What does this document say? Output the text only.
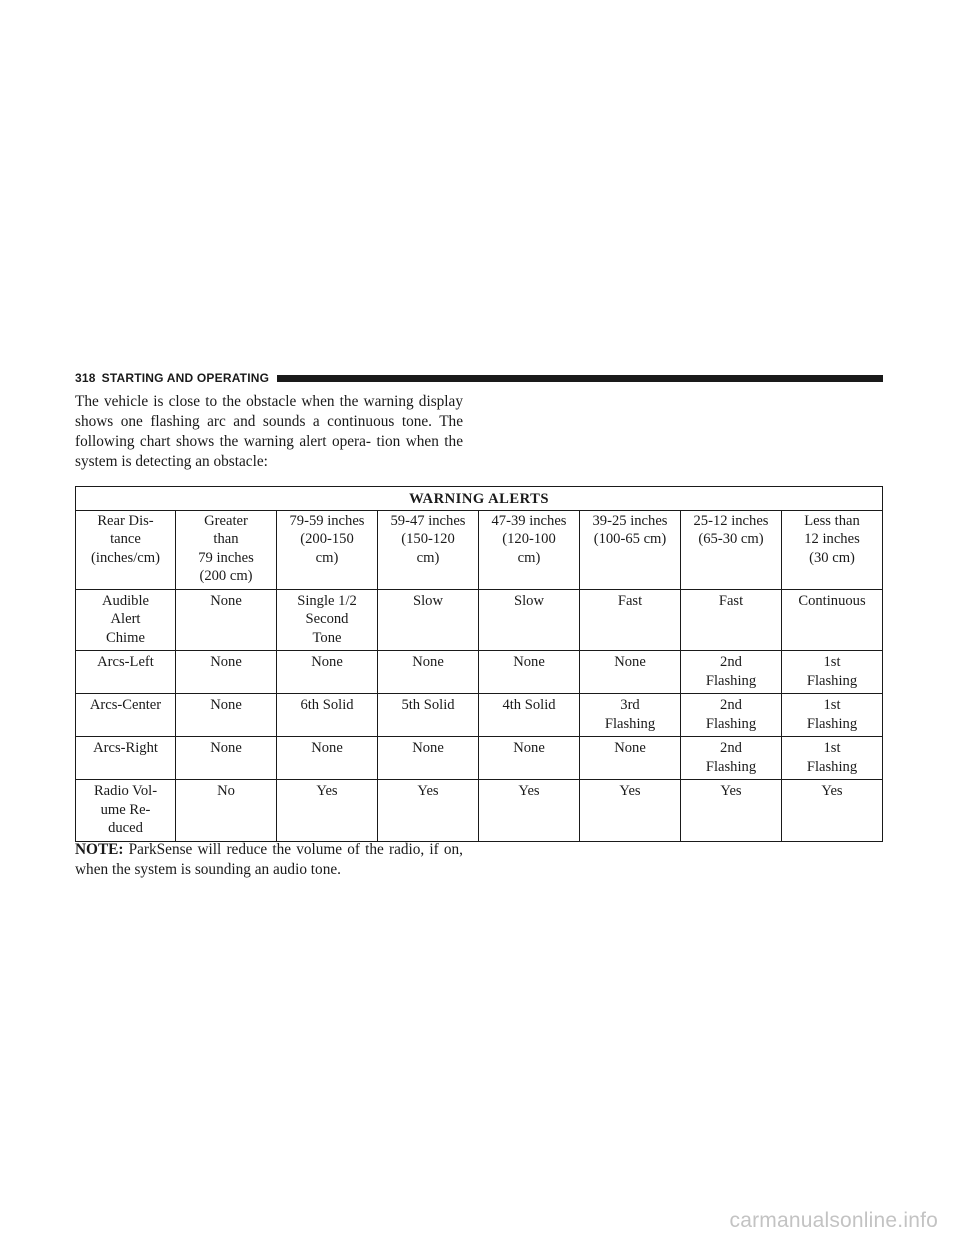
318 STARTING AND OPERATING

The vehicle is close to the obstacle when the warning display shows one flashing arc and sounds a continuous tone. The following chart shows the warning alert opera- tion when the system is detecting an obstacle:

WARNING ALERTS							
Rear Dis-
tance
(inches/cm)	Greater
than
79 inches
(200 cm)	79-59 inches
(200-150
cm)	59-47 inches
(150-120
cm)	47-39 inches
(120-100
cm)	39-25 inches
(100-65 cm)	25-12 inches
(65-30 cm)	Less than
12 inches
(30 cm)
Audible
Alert
Chime	None	Single 1/2
Second
Tone	Slow	Slow	Fast	Fast	Continuous
Arcs-Left	None	None	None	None	None	2nd
Flashing	1st
Flashing
Arcs-Center	None	6th Solid	5th Solid	4th Solid	3rd
Flashing	2nd
Flashing	1st
Flashing
Arcs-Right	None	None	None	None	None	2nd
Flashing	1st
Flashing
Radio Vol-
ume Re-
duced	No	Yes	Yes	Yes	Yes	Yes	Yes

NOTE: ParkSense will reduce the volume of the radio, if on, when the system is sounding an audio tone.

carmanualsonline.info
